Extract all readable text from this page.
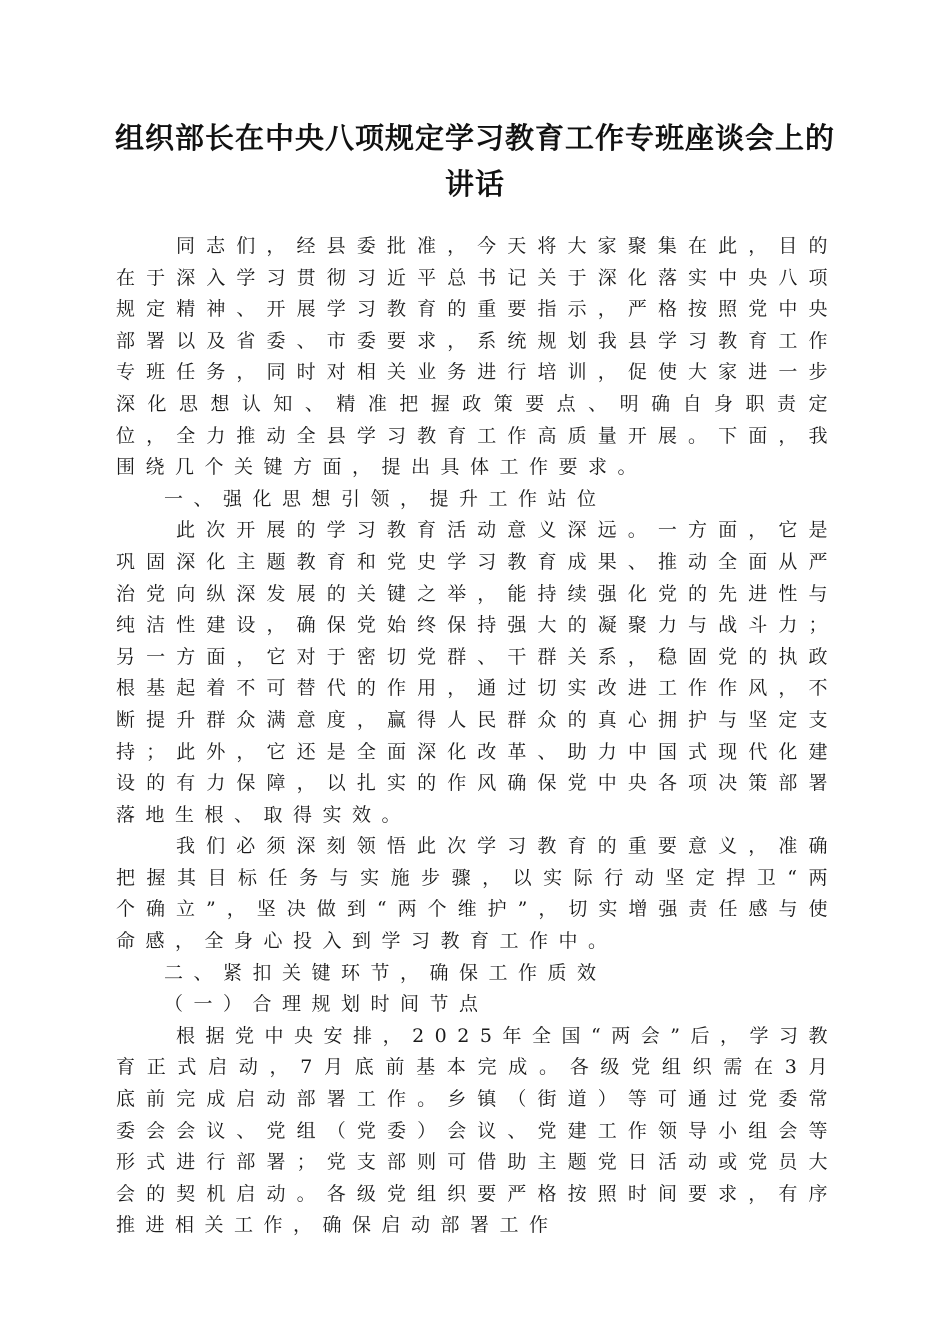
组织部长在中央八项规定学习教育工作专班座谈会上的讲话

同志们，经县委批准，今天将大家聚集在此，目的在于深入学习贯彻习近平总书记关于深化落实中央八项规定精神、开展学习教育的重要指示，严格按照党中央部署以及省委、市委要求，系统规划我县学习教育工作专班任务，同时对相关业务进行培训，促使大家进一步深化思想认知、精准把握政策要点、明确自身职责定位，全力推动全县学习教育工作高质量开展。下面，我围绕几个关键方面，提出具体工作要求。

一、强化思想引领，提升工作站位

此次开展的学习教育活动意义深远。一方面，它是巩固深化主题教育和党史学习教育成果、推动全面从严治党向纵深发展的关键之举，能持续强化党的先进性与纯洁性建设，确保党始终保持强大的凝聚力与战斗力；另一方面，它对于密切党群、干群关系，稳固党的执政根基起着不可替代的作用，通过切实改进工作作风，不断提升群众满意度，赢得人民群众的真心拥护与坚定支持；此外，它还是全面深化改革、助力中国式现代化建设的有力保障，以扎实的作风确保党中央各项决策部署落地生根、取得实效。

我们必须深刻领悟此次学习教育的重要意义，准确把握其目标任务与实施步骤，以实际行动坚定捍卫“两个确立”，坚决做到“两个维护”，切实增强责任感与使命感，全身心投入到学习教育工作中。

二、紧扣关键环节，确保工作质效

（一）合理规划时间节点

根据党中央安排，2025年全国“两会”后，学习教育正式启动，7月底前基本完成。各级党组织需在3月底前完成启动部署工作。乡镇（街道）等可通过党委常委会会议、党组（党委）会议、党建工作领导小组会等形式进行部署；党支部则可借助主题党日活动或党员大会的契机启动。各级党组织要严格按照时间要求，有序推进相关工作，确保启动部署工作
